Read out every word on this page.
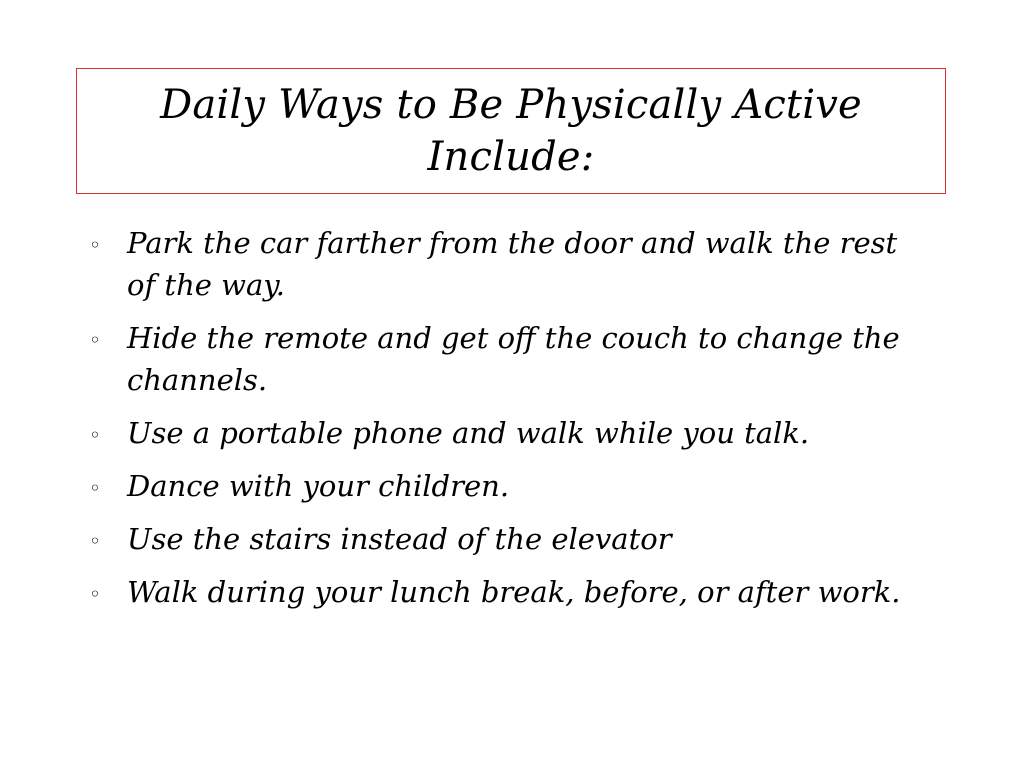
Daily Ways to Be Physically Active
Include:
◦ Park the car farther from the door and walk the rest of the way.
◦ Hide the remote and get off the couch to change the channels.
◦ Use a portable phone and walk while you talk.
◦ Dance with your children.
◦ Use the stairs instead of the elevator
◦ Walk during your lunch break, before, or after work.
